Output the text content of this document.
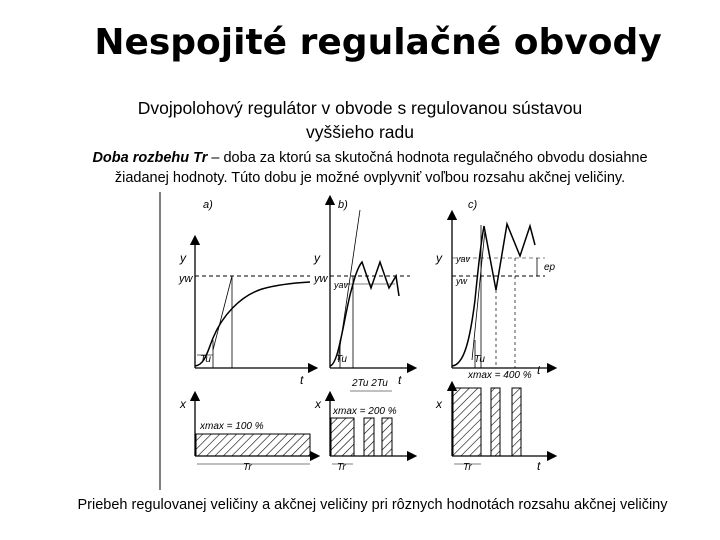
Nespojité regulačné obvody
Dvojpolohový regulátor v obvode s regulovanou sústavou
vyššieho radu
Doba rozbehu Tr – doba za ktorú sa skutočná hodnota regulačného obvodu dosiahne
žiadanej hodnoty. Túto dobu je možné ovplyvniť voľbou rozsahu akčnej veličiny.
a)
y
yw
t
Tu
x
xmax = 100 %
Tr
b)
y
yw yav
t
Tu
2Tu 2Tu
x
xmax = 200 %
Tr
c)
y yav
yw
t
ep
Tu
xmax = 400 %
x
t
Tr
Priebeh regulovanej veličiny a akčnej veličiny pri rôznych hodnotách rozsahu akčnej veličiny
